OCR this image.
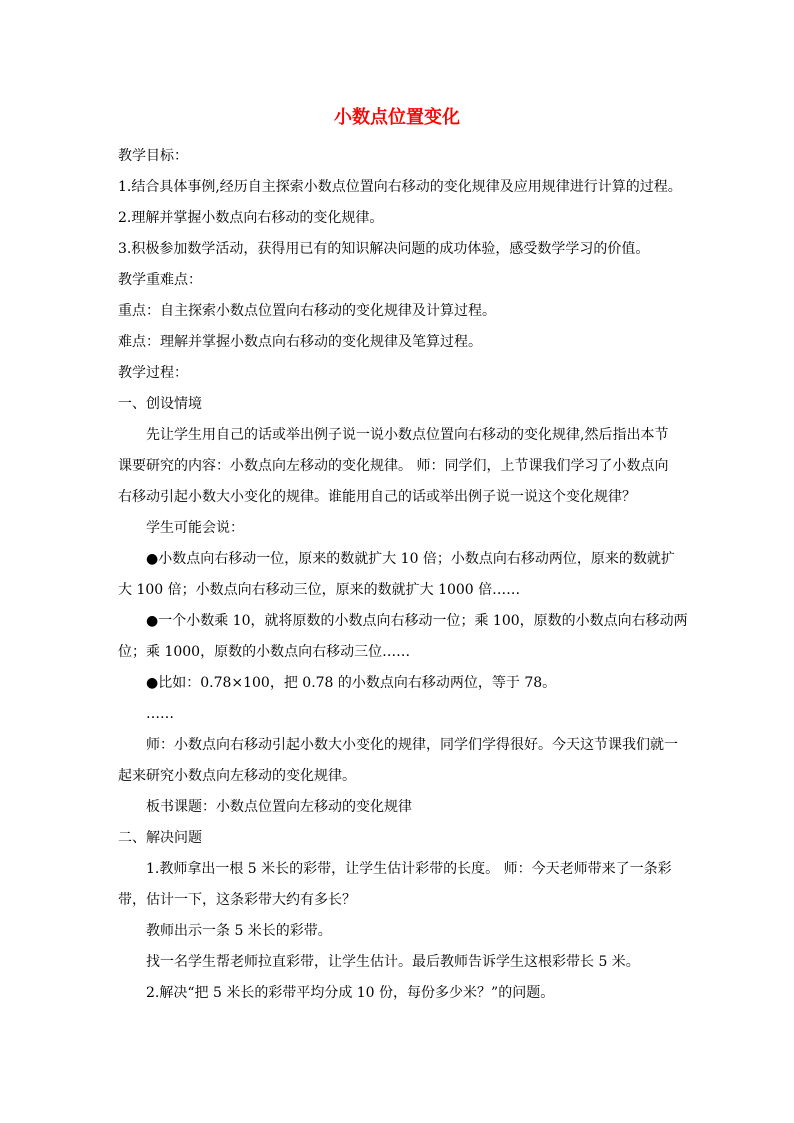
小数点位置变化
教学目标：
1.结合具体事例,经历自主探索小数点位置向右移动的变化规律及应用规律进行计算的过程。
2.理解并掌握小数点向右移动的变化规律。
3.积极参加数学活动，获得用已有的知识解决问题的成功体验，感受数学学习的价值。
教学重难点：
重点：自主探索小数点位置向右移动的变化规律及计算过程。
难点：理解并掌握小数点向右移动的变化规律及笔算过程。
教学过程：
一、创设情境
先让学生用自己的话或举出例子说一说小数点位置向右移动的变化规律,然后指出本节
课要研究的内容：小数点向左移动的变化规律。 师：同学们，上节课我们学习了小数点向
右移动引起小数大小变化的规律。谁能用自己的话或举出例子说一说这个变化规律？
学生可能会说：
●小数点向右移动一位，原来的数就扩大 10 倍；小数点向右移动两位，原来的数就扩
大 100 倍；小数点向右移动三位，原来的数就扩大 1000 倍……
●一个小数乘 10，就将原数的小数点向右移动一位；乘 100，原数的小数点向右移动两
位；乘 1000，原数的小数点向右移动三位……
●比如：0.78×100，把 0.78 的小数点向右移动两位，等于 78。
……
师：小数点向右移动引起小数大小变化的规律，同学们学得很好。今天这节课我们就一
起来研究小数点向左移动的变化规律。
板书课题：小数点位置向左移动的变化规律
二、解决问题
1.教师拿出一根 5 米长的彩带，让学生估计彩带的长度。 师：今天老师带来了一条彩
带，估计一下，这条彩带大约有多长？
教师出示一条 5 米长的彩带。
找一名学生帮老师拉直彩带，让学生估计。最后教师告诉学生这根彩带长 5 米。
2.解决“把 5 米长的彩带平均分成 10 份，每份多少米？”的问题。
